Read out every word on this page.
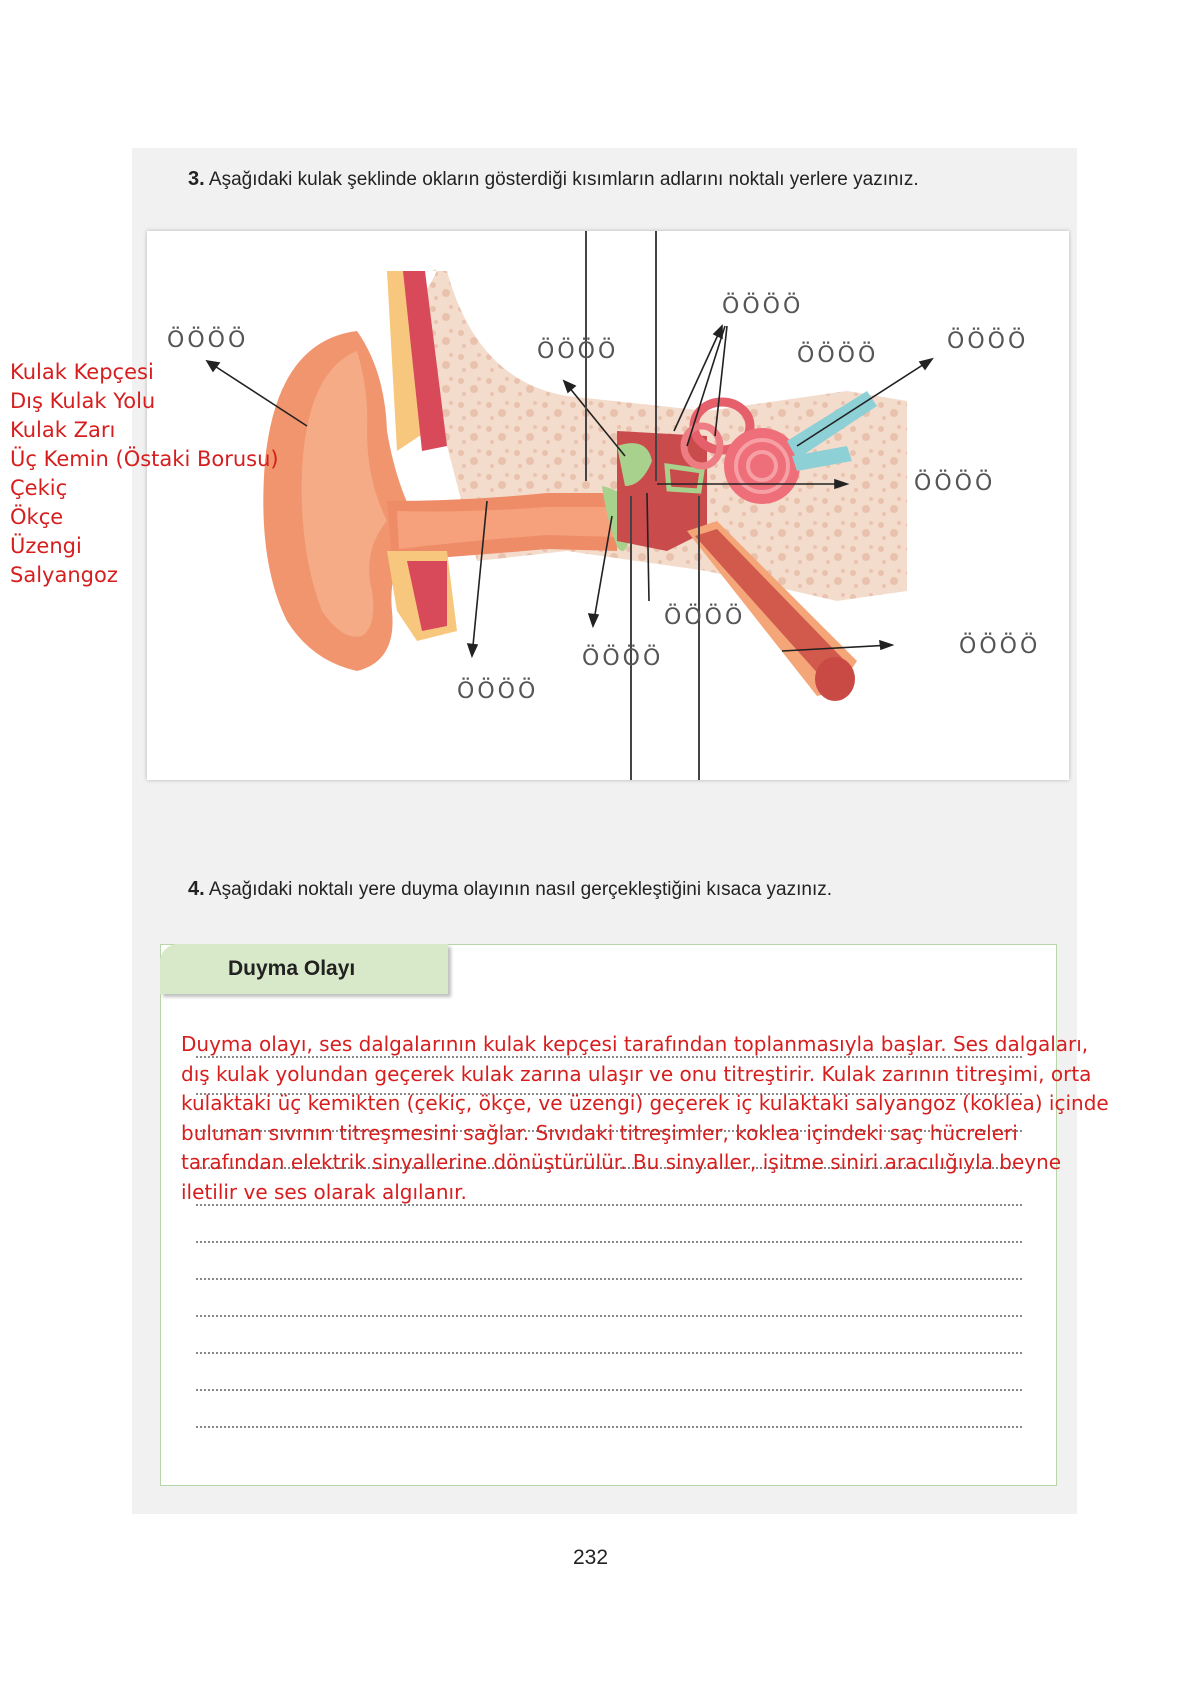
3. Aşağıdaki kulak şeklinde okların gösterdiği kısımların adlarını noktalı yerlere yazınız.
ÖÖÖÖ	ÖÖÖÖ
ÖÖÖÖ
ÖÖÖÖ
ÖÖÖÖ
ÖÖÖÖ
ÖÖÖÖ
ÖÖÖÖ	ÖÖÖÖ
ÖÖÖÖ
Kulak Kepçesi
Dış Kulak Yolu
Kulak Zarı
Üç Kemin (Östaki Borusu)
Çekiç
Ökçe
Üzengi
Salyangoz
4. Aşağıdaki noktalı yere duyma olayının nasıl gerçekleştiğini kısaca yazınız.
Duyma Olayı
Duyma olayı, ses dalgalarının kulak kepçesi tarafından toplanmasıyla başlar. Ses dalgaları, dış kulak yolundan geçerek kulak zarına ulaşır ve onu titreştirir. Kulak zarının titreşimi, orta kulaktaki üç kemikten (çekiç, ökçe, ve üzengi) geçerek iç kulaktaki salyangoz (koklea) içinde bulunan sıvının titreşmesini sağlar. Sıvıdaki titreşimler, koklea içindeki saç hücreleri tarafından elektrik sinyallerine dönüştürülür. Bu sinyaller, işitme siniri aracılığıyla beyne iletilir ve ses olarak algılanır.
232
